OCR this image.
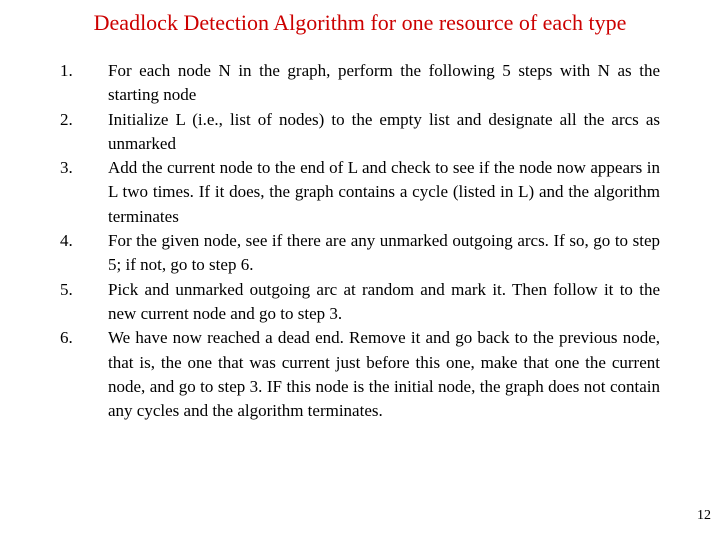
Deadlock Detection Algorithm for one resource of each type
1.	For each node N in the graph, perform the following 5 steps with N as the starting node
2.	Initialize L (i.e., list of nodes) to the empty list and designate all the arcs as unmarked
3.	Add the current node to the end of L and check to see if the node now appears in L two times. If it does, the graph contains a cycle (listed in L) and the algorithm terminates
4.	For the given node, see if there are any unmarked outgoing arcs. If so, go to step 5; if not, go to step 6.
5.	Pick and unmarked outgoing arc at random and mark it. Then follow it to the new current node and go to step 3.
6.	We have now reached a dead end. Remove it and go back to the previous node, that is, the one that was current just before this one, make that one the current node, and go to step 3. IF this node is the initial node, the graph does not contain any cycles and the algorithm terminates.
12
